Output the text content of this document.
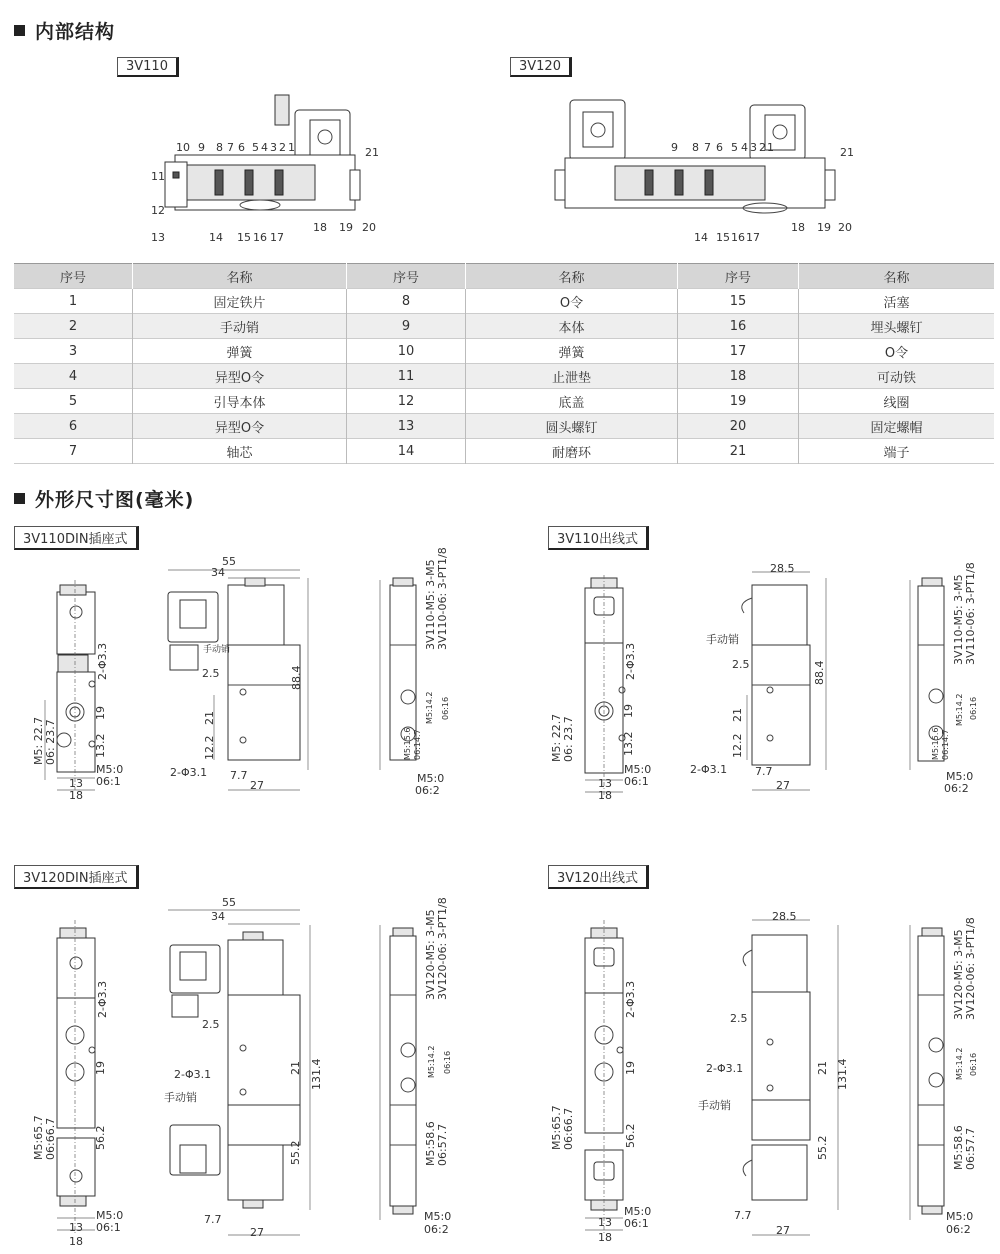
内部结构
3V110	3V120
10 9 8 7 6 5 4 3 2 1
11
12
13	14 15 16 17
18 19 20
21	9 8 7 6 5 4 3 2 1
14 15 16 17
18 19 20
21
序号	名称	序号	名称	序号	名称
1	固定铁片	8	O令	15	活塞
2	手动销	9	本体	16	埋头螺钉
3	弹簧	10	弹簧	17	O令
4	异型O令	11	止泄垫	18	可动铁
5	引导本体	12	底盖	19	线圈
6	异型O令	13	圆头螺钉	20	固定螺帽
7	轴芯	14	耐磨环	21	端子
外形尺寸图(毫米)
3V110DIN插座式	3V110出线式
3V120DIN插座式	3V120出线式
2-Φ3.3
M5: 22.7 06: 23.7
19
13.2
M5:0
06:1
13
18
55
34
手动销
2.5	88.4
21
12.2
2-Φ3.1 7.7
27
3V110-M5: 3-M5 3V110-06: 3-PT1/8
M5:14.2 06:16
M5:15.6 06:14.7
M5:0
06:2
2-Φ3.3
M5: 22.7 06: 23.7
19
13.2
M5:0
06:1
13
18
28.5
手动销
2.5	88.4
21
12.2
2-Φ3.1	7.7
27
3V110-M5: 3-M5 3V110-06: 3-PT1/8
M5:14.2 06:16
M5:15.6 06:14.7
M5:0
06:2
2-Φ3.3
19
M5:65.7 06:66.7	56.2
M5:0
06:1
13
18
55
34
2.5
2-Φ3.1
手动销
21 131.4
55.2
7.7
27
3V120-M5: 3-M5 3V120-06: 3-PT1/8
M5:14.2 06:16
M5:58.6 06:57.7
M5:0
06:2
2-Φ3.3
19
M5:65.7 06:66.7	56.2
M5:0
06:1
13
18
28.5
2.5
2-Φ3.1
手动销
21 131.4
55.2
7.7
27
3V120-M5: 3-M5 3V120-06: 3-PT1/8
M5:14.2 06:16
M5:58.6 06:57.7
M5:0
06:2
